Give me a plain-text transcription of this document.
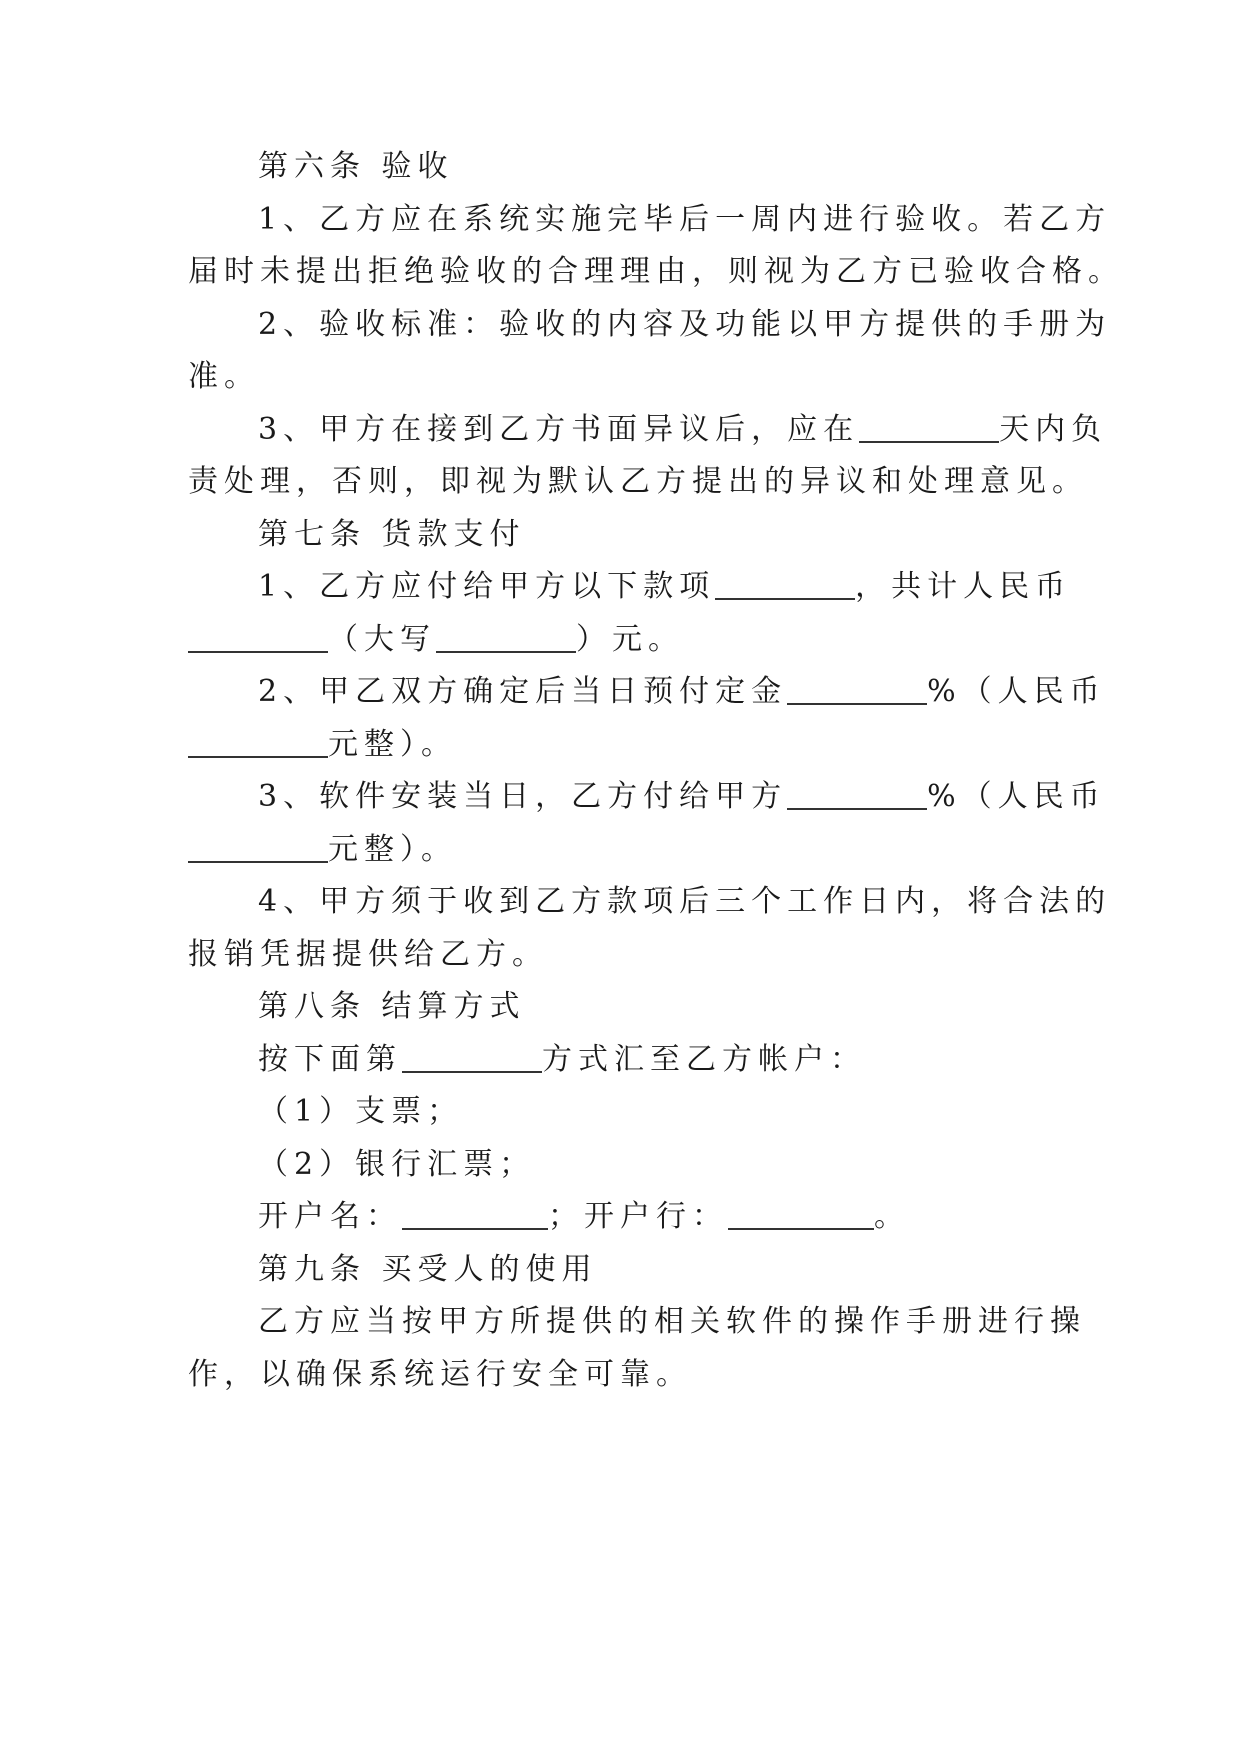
第六条 验收
1、乙方应在系统实施完毕后一周内进行验收。若乙方
届时未提出拒绝验收的合理理由，则视为乙方已验收合格。
2、验收标准：验收的内容及功能以甲方提供的手册为
准。
3、甲方在接到乙方书面异议后，应在	天内负
责处理，否则，即视为默认乙方提出的异议和处理意见。
第七条 货款支付
1、乙方应付给甲方以下款项	，共计人民币
（大写	）元。
2、甲乙双方确定后当日预付定金	%（人民币
元整）。
3、软件安装当日，乙方付给甲方	%（人民币
元整）。
4、甲方须于收到乙方款项后三个工作日内，将合法的
报销凭据提供给乙方。
第八条 结算方式
按下面第	方式汇至乙方帐户：
（1）支票；
（2）银行汇票；
开户名：	；开户行：	。
第九条 买受人的使用
乙方应当按甲方所提供的相关软件的操作手册进行操
作，以确保系统运行安全可靠。
